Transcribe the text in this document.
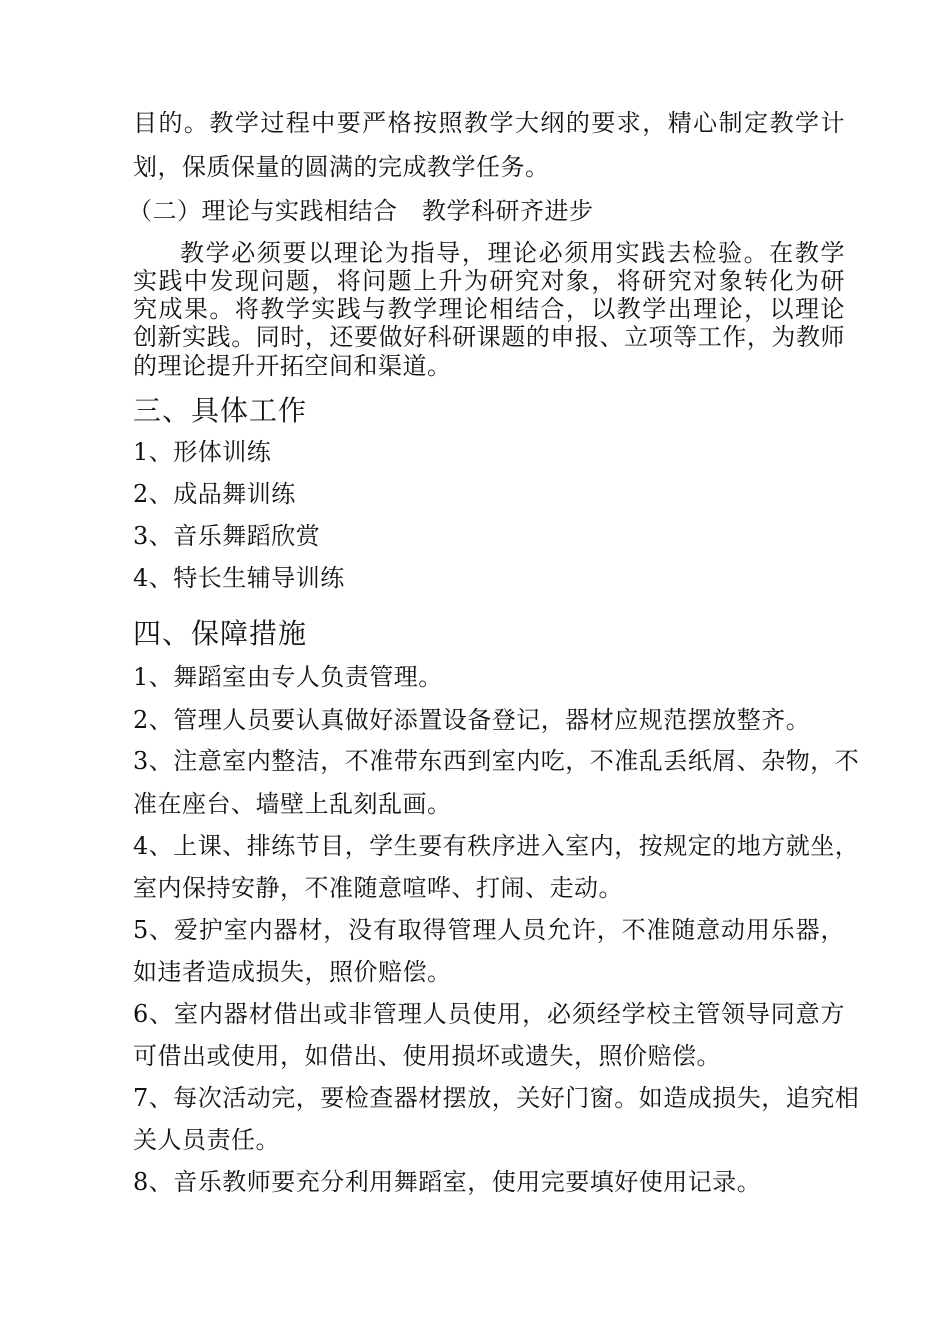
目的。教学过程中要严格按照教学大纲的要求，精心制定教学计
划，保质保量的圆满的完成教学任务。
（二）理论与实践相结合　教学科研齐进步
教学必须要以理论为指导，理论必须用实践去检验。在教学
实践中发现问题，将问题上升为研究对象，将研究对象转化为研
究成果。将教学实践与教学理论相结合，以教学出理论，以理论
创新实践。同时，还要做好科研课题的申报、立项等工作，为教师
的理论提升开拓空间和渠道。
三、具体工作
1、形体训练
2、成品舞训练
3、音乐舞蹈欣赏
4、特长生辅导训练
四、保障措施
1、舞蹈室由专人负责管理。
2、管理人员要认真做好添置设备登记，器材应规范摆放整齐。
3、注意室内整洁，不准带东西到室内吃，不准乱丢纸屑、杂物，不
准在座台、墙壁上乱刻乱画。
4、上课、排练节目，学生要有秩序进入室内，按规定的地方就坐，
室内保持安静，不准随意喧哗、打闹、走动。
5、爱护室内器材，没有取得管理人员允许，不准随意动用乐器，
如违者造成损失，照价赔偿。
6、室内器材借出或非管理人员使用，必须经学校主管领导同意方
可借出或使用，如借出、使用损坏或遗失，照价赔偿。
7、每次活动完，要检查器材摆放，关好门窗。如造成损失，追究相
关人员责任。
8、音乐教师要充分利用舞蹈室，使用完要填好使用记录。
